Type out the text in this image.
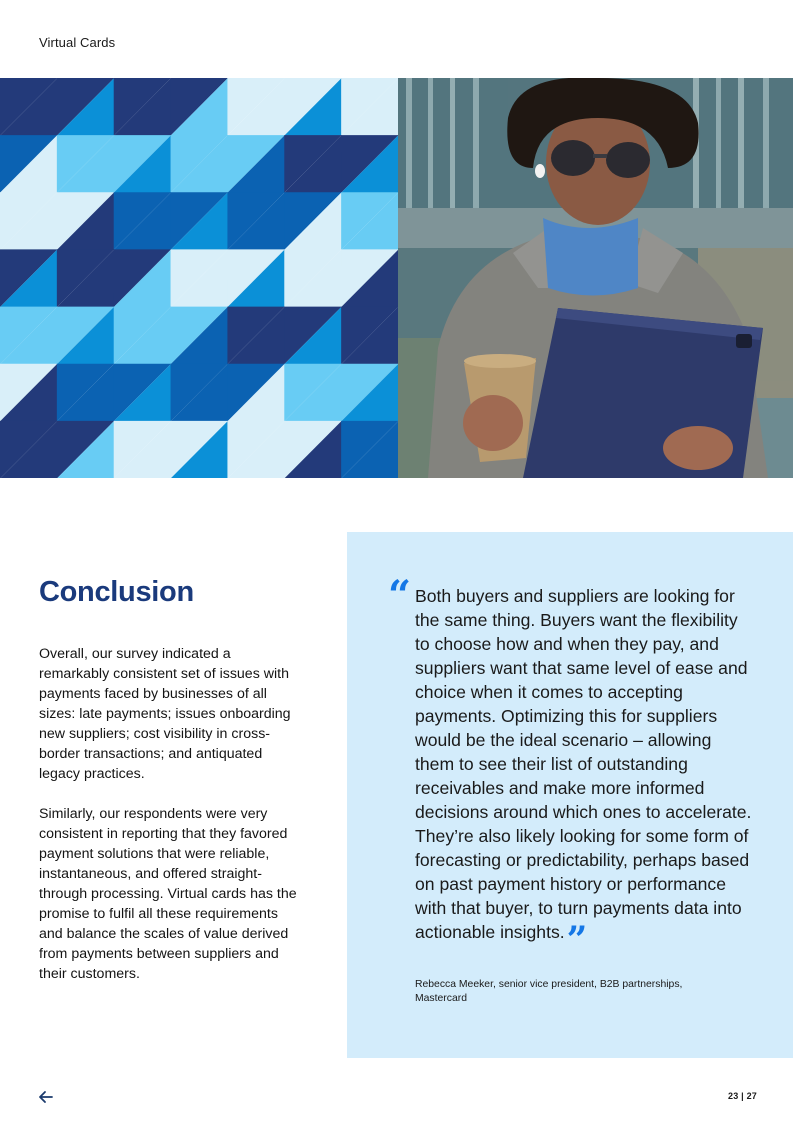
Virtual Cards
Conclusion

Overall, our survey indicated a remarkably consistent set of issues with payments faced by businesses of all sizes: late payments; issues onboarding new suppliers; cost visibility in cross-border transactions; and antiquated legacy practices.

Similarly, our respondents were very consistent in reporting that they favored payment solutions that were reliable, instantaneous, and offered straight-through processing. Virtual cards has the promise to fulfil all these requirements and balance the scales of value derived from payments between suppliers and their customers.

“ Both buyers and suppliers are looking for the same thing. Buyers want the flexibility to choose how and when they pay, and suppliers want that same level of ease and choice when it comes to accepting payments. Optimizing this for suppliers would be the ideal scenario – allowing them to see their list of outstanding receivables and make more informed decisions around which ones to accelerate. They’re also likely looking for some form of forecasting or predictability, perhaps based on past payment history or performance with that buyer, to turn payments data into actionable insights.”

Rebecca Meeker, senior vice president, B2B partnerships, Mastercard

23 | 27
